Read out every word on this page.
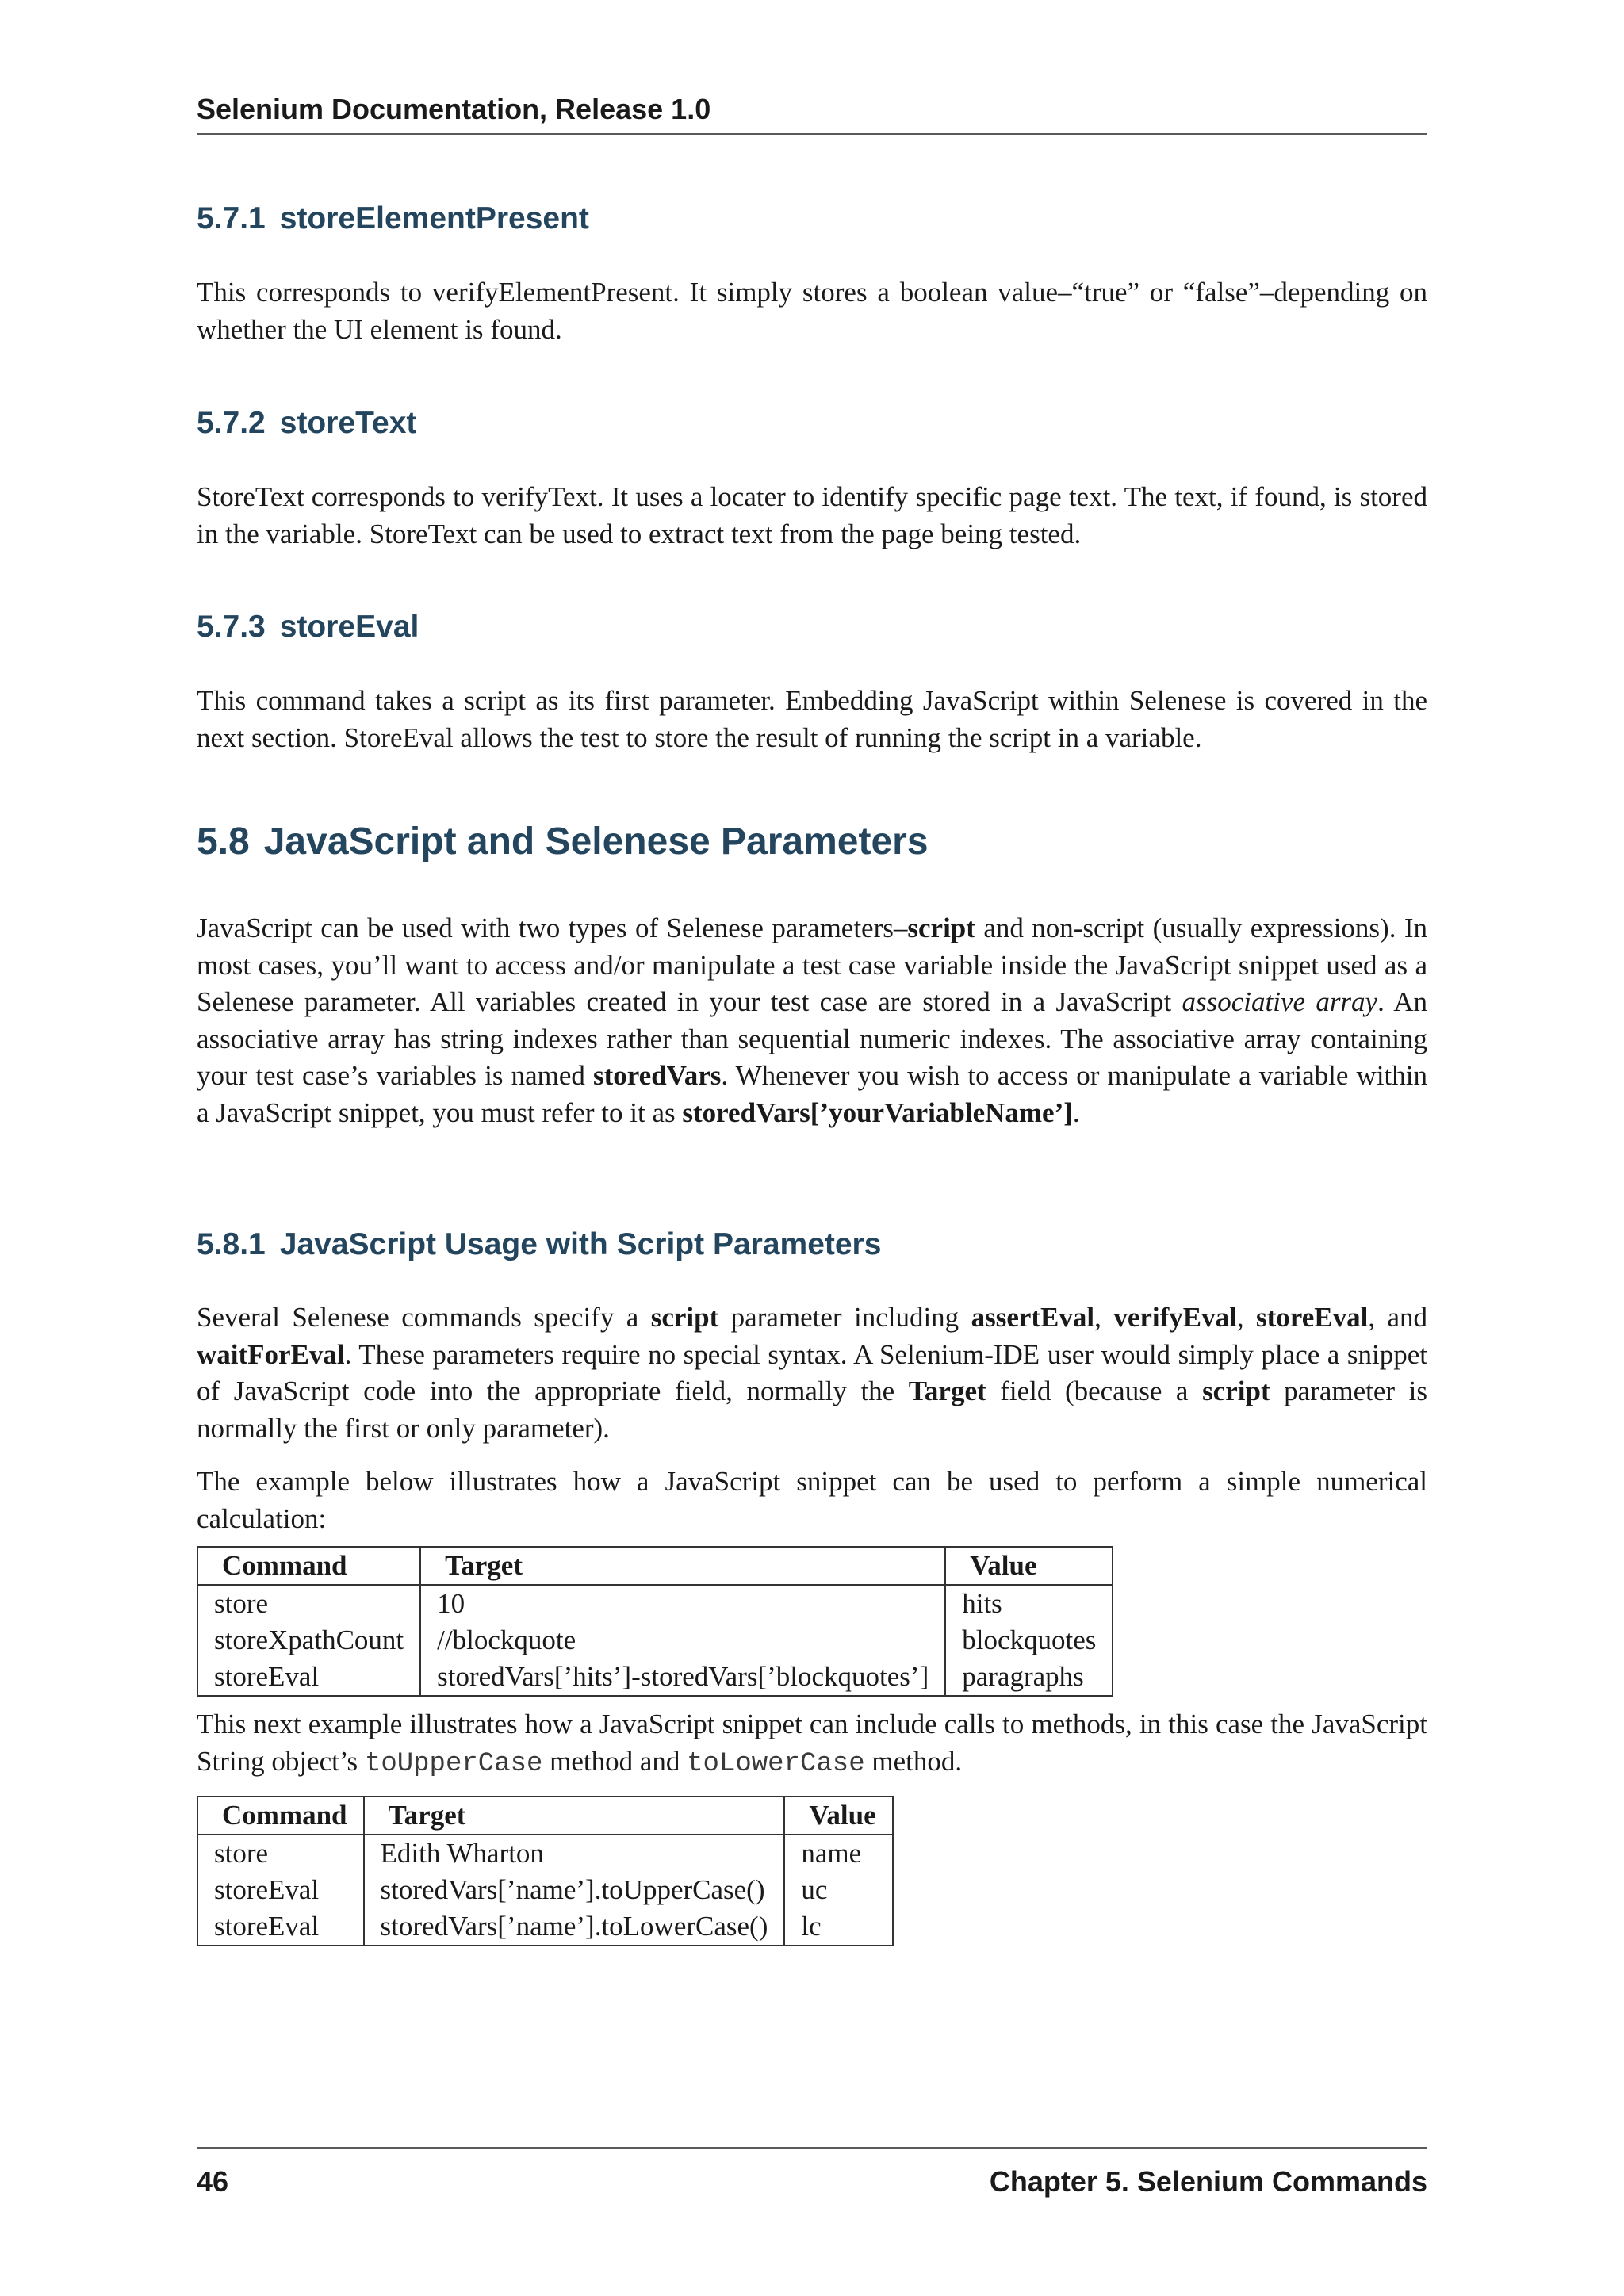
Selenium Documentation, Release 1.0
5.7.1 storeElementPresent

This corresponds to verifyElementPresent. It simply stores a boolean value–“true” or “false”–depending on whether the UI element is found.

5.7.2 storeText

StoreText corresponds to verifyText. It uses a locater to identify specific page text. The text, if found, is stored in the variable. StoreText can be used to extract text from the page being tested.

5.7.3 storeEval

This command takes a script as its first parameter. Embedding JavaScript within Selenese is covered in the next section. StoreEval allows the test to store the result of running the script in a variable.

5.8 JavaScript and Selenese Parameters

JavaScript can be used with two types of Selenese parameters–script and non-script (usually expressions). In most cases, you’ll want to access and/or manipulate a test case variable inside the JavaScript snippet used as a Selenese parameter. All variables created in your test case are stored in a JavaScript associative array. An associative array has string indexes rather than sequential numeric indexes. The associative array containing your test case’s variables is named storedVars. Whenever you wish to access or manipulate a variable within a JavaScript snippet, you must refer to it as storedVars[’yourVariableName’].

5.8.1 JavaScript Usage with Script Parameters

Several Selenese commands specify a script parameter including assertEval, verifyEval, storeEval, and waitForEval. These parameters require no special syntax. A Selenium-IDE user would simply place a snippet of JavaScript code into the appropriate field, normally the Target field (because a script parameter is normally the first or only parameter).

The example below illustrates how a JavaScript snippet can be used to perform a simple numerical calculation:

Command	Target	Value
store	10	hits
storeXpathCount	//blockquote	blockquotes
storeEval	storedVars[’hits’]-storedVars[’blockquotes’]	paragraphs

This next example illustrates how a JavaScript snippet can include calls to methods, in this case the JavaScript String object’s toUpperCase method and toLowerCase method.

Command	Target	Value
store	Edith Wharton	name
storeEval	storedVars[’name’].toUpperCase()	uc
storeEval	storedVars[’name’].toLowerCase()	lc
46	Chapter 5. Selenium Commands
